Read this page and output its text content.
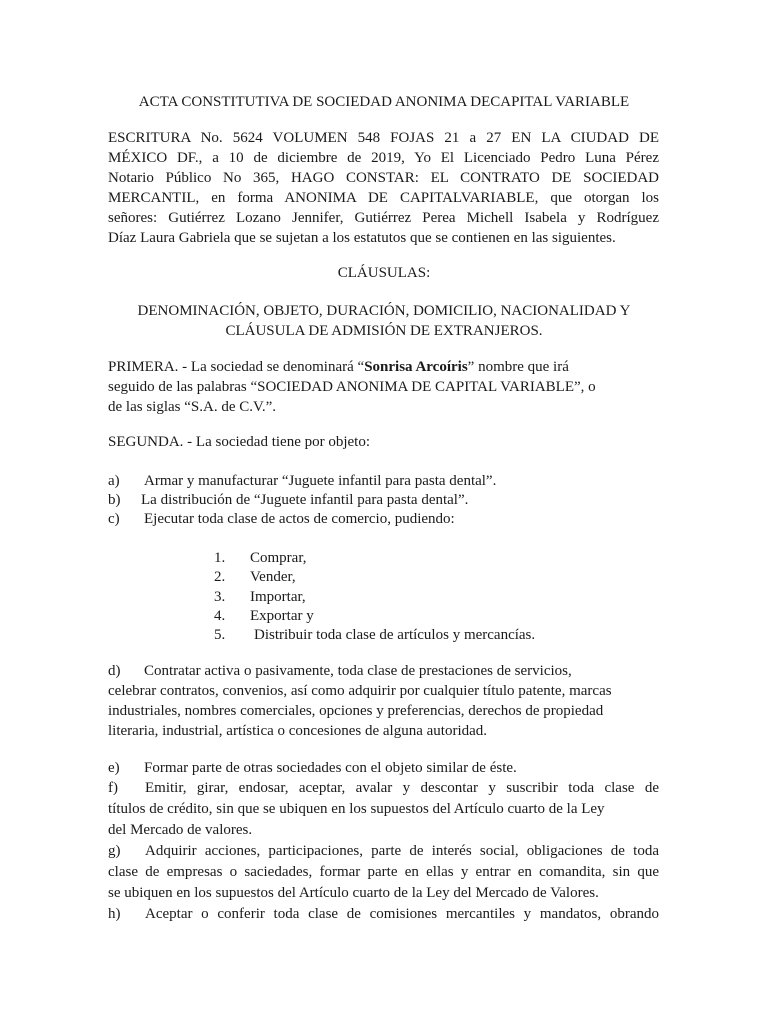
ACTA CONSTITUTIVA DE SOCIEDAD ANONIMA DECAPITAL VARIABLE
ESCRITURA No. 5624 VOLUMEN 548 FOJAS 21 a 27 EN LA CIUDAD DE
MÉXICO DF., a 10 de diciembre de 2019, Yo El Licenciado Pedro Luna Pérez
Notario Público No 365, HAGO CONSTAR: EL CONTRATO DE SOCIEDAD
MERCANTIL, en forma ANONIMA DE CAPITALVARIABLE, que otorgan los
señores: Gutiérrez Lozano Jennifer, Gutiérrez Perea Michell Isabela y Rodríguez
Díaz Laura Gabriela que se sujetan a los estatutos que se contienen en las siguientes.
CLÁUSULAS:
DENOMINACIÓN, OBJETO, DURACIÓN, DOMICILIO, NACIONALIDAD Y
CLÁUSULA DE ADMISIÓN DE EXTRANJEROS.
PRIMERA. - La sociedad se denominará “Sonrisa Arcoíris” nombre que irá
seguido de las palabras “SOCIEDAD ANONIMA DE CAPITAL VARIABLE”, o
de las siglas “S.A. de C.V.”.
SEGUNDA. - La sociedad tiene por objeto:
a) Armar y manufacturar “Juguete infantil para pasta dental”.
b) La distribución de “Juguete infantil para pasta dental”.
c) Ejecutar toda clase de actos de comercio, pudiendo:
1. Comprar,
2. Vender,
3. Importar,
4. Exportar y
5. Distribuir toda clase de artículos y mercancías.
d) Contratar activa o pasivamente, toda clase de prestaciones de servicios,
celebrar contratos, convenios, así como adquirir por cualquier título patente, marcas
industriales, nombres comerciales, opciones y preferencias, derechos de propiedad
literaria, industrial, artística o concesiones de alguna autoridad.
e) Formar parte de otras sociedades con el objeto similar de éste.
f) Emitir, girar, endosar, aceptar, avalar y descontar y suscribir toda clase de
títulos de crédito, sin que se ubiquen en los supuestos del Artículo cuarto de la Ley
del Mercado de valores.
g) Adquirir acciones, participaciones, parte de interés social, obligaciones de toda
clase de empresas o saciedades, formar parte en ellas y entrar en comandita, sin que
se ubiquen en los supuestos del Artículo cuarto de la Ley del Mercado de Valores.
h) Aceptar o conferir toda clase de comisiones mercantiles y mandatos, obrando
